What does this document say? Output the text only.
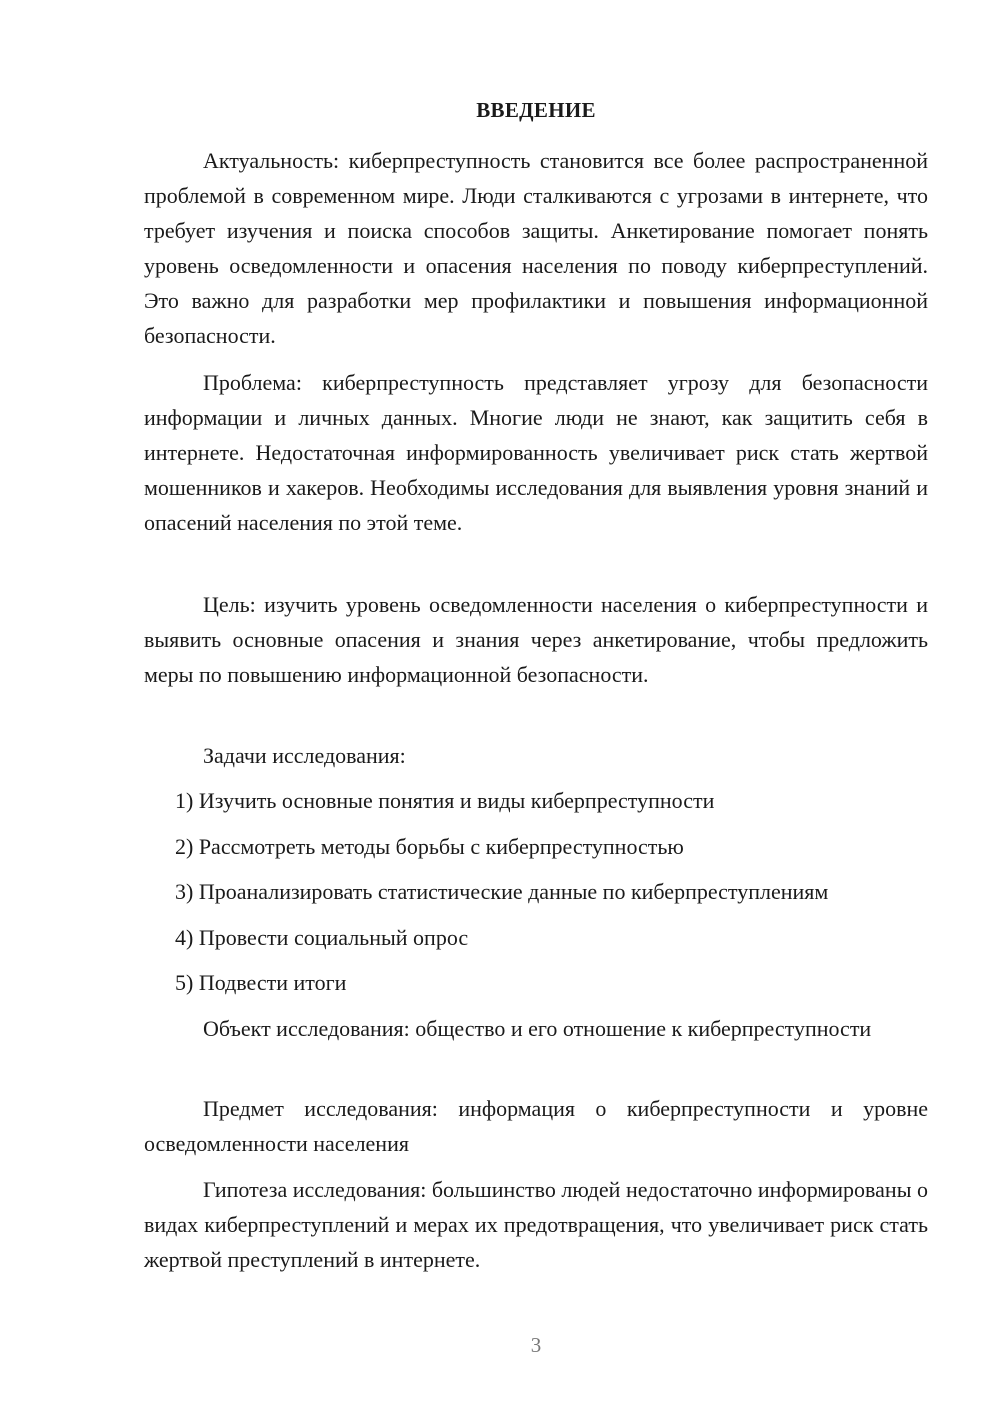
ВВЕДЕНИЕ

Актуальность: киберпреступность становится все более распространенной проблемой в современном мире. Люди сталкиваются с угрозами в интернете, что требует изучения и поиска способов защиты. Анкетирование помогает понять уровень осведомленности и опасения населения по поводу киберпреступлений. Это важно для разработки мер профилактики и повышения информационной безопасности.

Проблема: киберпреступность представляет угрозу для безопасности информации и личных данных. Многие люди не знают, как защитить себя в интернете. Недостаточная информированность увеличивает риск стать жертвой мошенников и хакеров. Необходимы исследования для выявления уровня знаний и опасений населения по этой теме.

Цель: изучить уровень осведомленности населения о киберпреступности и выявить основные опасения и знания через анкетирование, чтобы предложить меры по повышению информационной безопасности.

Задачи исследования:
1) Изучить основные понятия и виды киберпреступности
2) Рассмотреть методы борьбы с киберпреступностью
3) Проанализировать статистические данные по киберпреступлениям
4) Провести социальный опрос
5) Подвести итоги

Объект исследования: общество и его отношение к киберпреступности

Предмет исследования: информация о киберпреступности и уровне осведомленности населения

Гипотеза исследования: большинство людей недостаточно информированы о видах киберпреступлений и мерах их предотвращения, что увеличивает риск стать жертвой преступлений в интернете.

3
